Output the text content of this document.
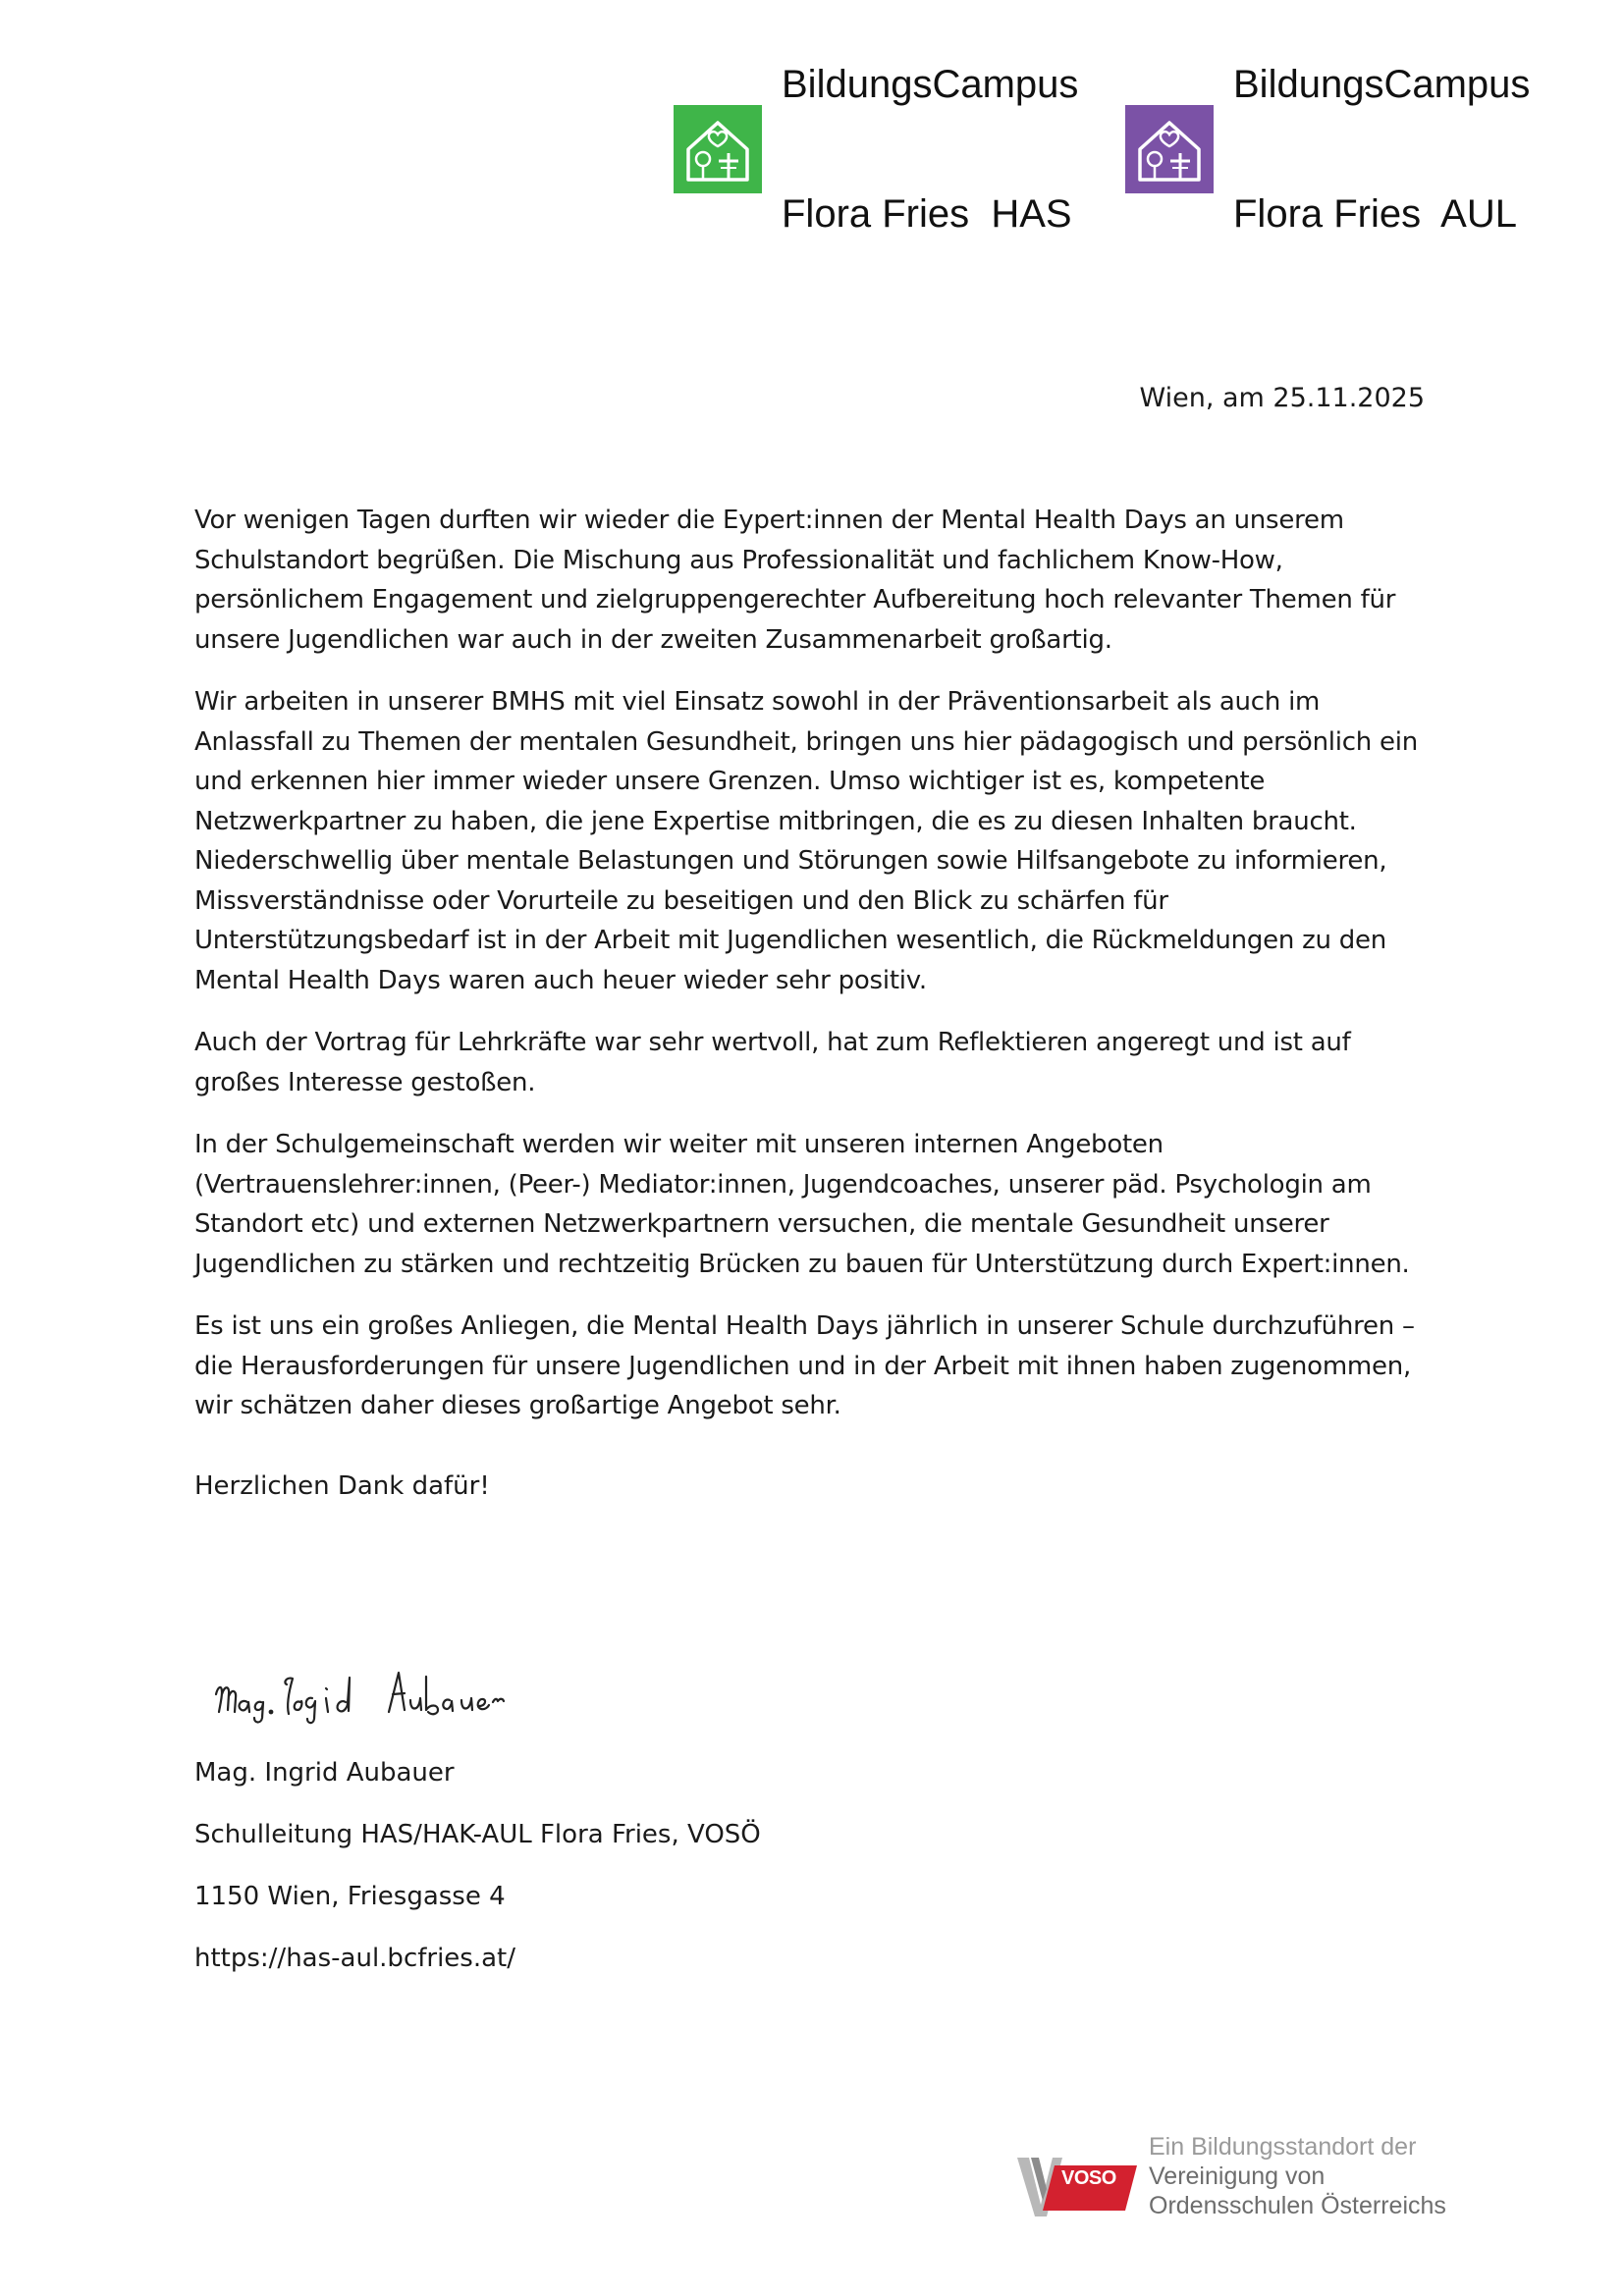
BildungsCampus

Flora Fries  HAS

BildungsCampus

Flora Fries  AUL

Wien, am 25.11.2025

Vor wenigen Tagen durften wir wieder die Eypert:innen der Mental Health Days an unserem Schulstandort begrüßen. Die Mischung aus Professionalität und fachlichem Know-How, persönlichem Engagement und zielgruppengerechter Aufbereitung hoch relevanter Themen für unsere Jugendlichen war auch in der zweiten Zusammenarbeit großartig.

Wir arbeiten in unserer BMHS mit viel Einsatz sowohl in der Präventionsarbeit als auch im Anlassfall zu Themen der mentalen Gesundheit, bringen uns hier pädagogisch und persönlich ein und erkennen hier immer wieder unsere Grenzen. Umso wichtiger ist es, kompetente Netzwerkpartner zu haben, die jene Expertise mitbringen, die es zu diesen Inhalten braucht. Niederschwellig über mentale Belastungen und Störungen sowie Hilfsangebote zu informieren, Missverständnisse oder Vorurteile zu beseitigen und den Blick zu schärfen für Unterstützungsbedarf ist in der Arbeit mit Jugendlichen wesentlich, die Rückmeldungen zu den Mental Health Days waren auch heuer wieder sehr positiv.

Auch der Vortrag für Lehrkräfte war sehr wertvoll, hat zum Reflektieren angeregt und ist auf großes Interesse gestoßen.

In der Schulgemeinschaft werden wir weiter mit unseren internen Angeboten (Vertrauenslehrer:innen, (Peer-) Mediator:innen, Jugendcoaches, unserer päd. Psychologin am Standort etc) und externen Netzwerkpartnern versuchen, die mentale Gesundheit unserer Jugendlichen zu stärken und rechtzeitig Brücken zu bauen für Unterstützung durch Expert:innen.

Es ist uns ein großes Anliegen, die Mental Health Days jährlich in unserer Schule durchzuführen – die Herausforderungen für unsere Jugendlichen und in der Arbeit mit ihnen haben zugenommen, wir schätzen daher dieses großartige Angebot sehr.

Herzlichen Dank dafür!
Mag. Ingrid Aubauer
Schulleitung HAS/HAK-AUL Flora Fries, VOSÖ
1150 Wien, Friesgasse 4
https://has-aul.bcfries.at/
VOSO
Ein Bildungsstandort der
Vereinigung von
Ordensschulen Österreichs
